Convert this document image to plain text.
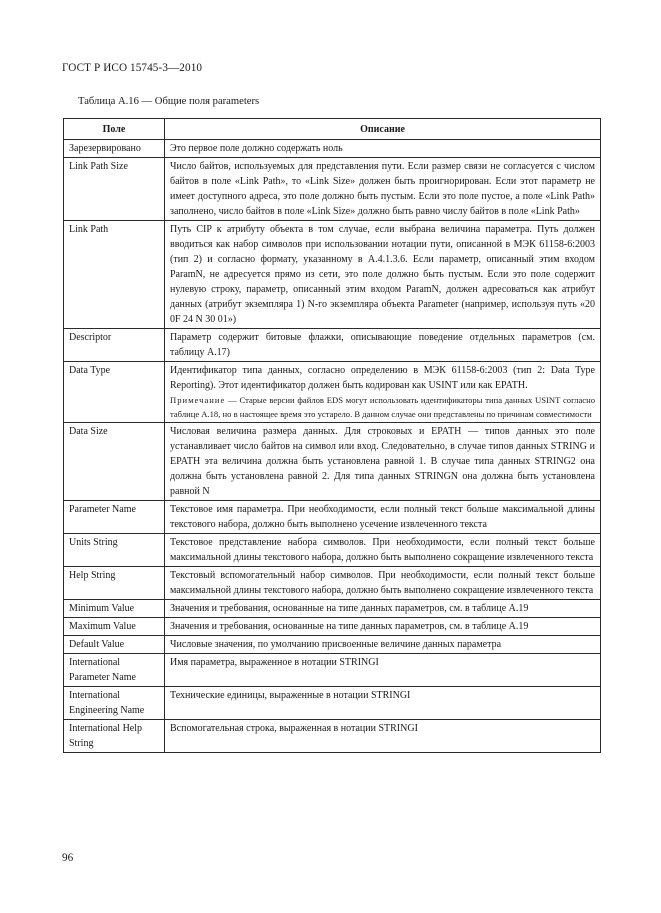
ГОСТ Р ИСО 15745-3—2010
Таблица A.16 — Общие поля parameters
Поле	Описание
Зарезервировано	Это первое поле должно содержать ноль
Link Path Size	Число байтов, используемых для представления пути. Если размер связи не согласуется с числом байтов в поле «Link Path», то «Link Size» должен быть проигнорирован. Если этот параметр не имеет доступного адреса, это поле должно быть пустым. Если это поле пустое, а поле «Link Path» заполнено, число байтов в поле «Link Size» должно быть равно числу байтов в поле «Link Path»
Link Path	Путь CIP к атрибуту объекта в том случае, если выбрана величина параметра. Путь должен вводиться как набор символов при использовании нотации пути, описанной в МЭК 61158-6:2003 (тип 2) и согласно формату, указанному в A.4.1.3.6. Если параметр, описанный этим входом ParamN, не адресуется прямо из сети, это поле должно быть пустым. Если это поле содержит нулевую строку, параметр, описанный этим входом ParamN, должен адресоваться как атрибут данных (атрибут экземпляра 1) N-го экземпляра объекта Parameter (например, используя путь «20 0F 24 N 30 01»)
Descriptor	Параметр содержит битовые флажки, описывающие поведение отдельных параметров (см. таблицу A.17)
Data Type	Идентификатор типа данных, согласно определению в МЭК 61158-6:2003 (тип 2: Data Type Reporting). Этот идентификатор должен быть кодирован как USINT или как EPATH.
Примечание — Старые версии файлов EDS могут использовать идентификаторы типа данных USINT согласно таблице A.18, но в настоящее время это устарело. В данном случае они представлены по причинам совместимости

Data Size	Числовая величина размера данных. Для строковых и EPATH — типов данных это поле устанавливает число байтов на символ или вход. Следовательно, в случае типов данных STRING и EPATH эта величина должна быть установлена равной 1. В случае типа данных STRING2 она должна быть установлена равной 2. Для типа данных STRINGN она должна быть установлена равной N
Parameter Name	Текстовое имя параметра. При необходимости, если полный текст больше максимальной длины текстового набора, должно быть выполнено усечение извлеченного текста
Units String	Текстовое представление набора символов. При необходимости, если полный текст больше максимальной длины текстового набора, должно быть выполнено сокращение извлеченного текста
Help String	Текстовый вспомогательный набор символов. При необходимости, если полный текст больше максимальной длины текстового набора, должно быть выполнено сокращение извлеченного текста
Minimum Value	Значения и требования, основанные на типе данных параметров, см. в таблице A.19
Maximum Value	Значения и требования, основанные на типе данных параметров, см. в таблице A.19
Default Value	Числовые значения, по умолчанию присвоенные величине данных параметра
International Parameter Name	Имя параметра, выраженное в нотации STRINGI
International Engineering Name	Технические единицы, выраженные в нотации STRINGI
International Help String	Вспомогательная строка, выраженная в нотации STRINGI
96
